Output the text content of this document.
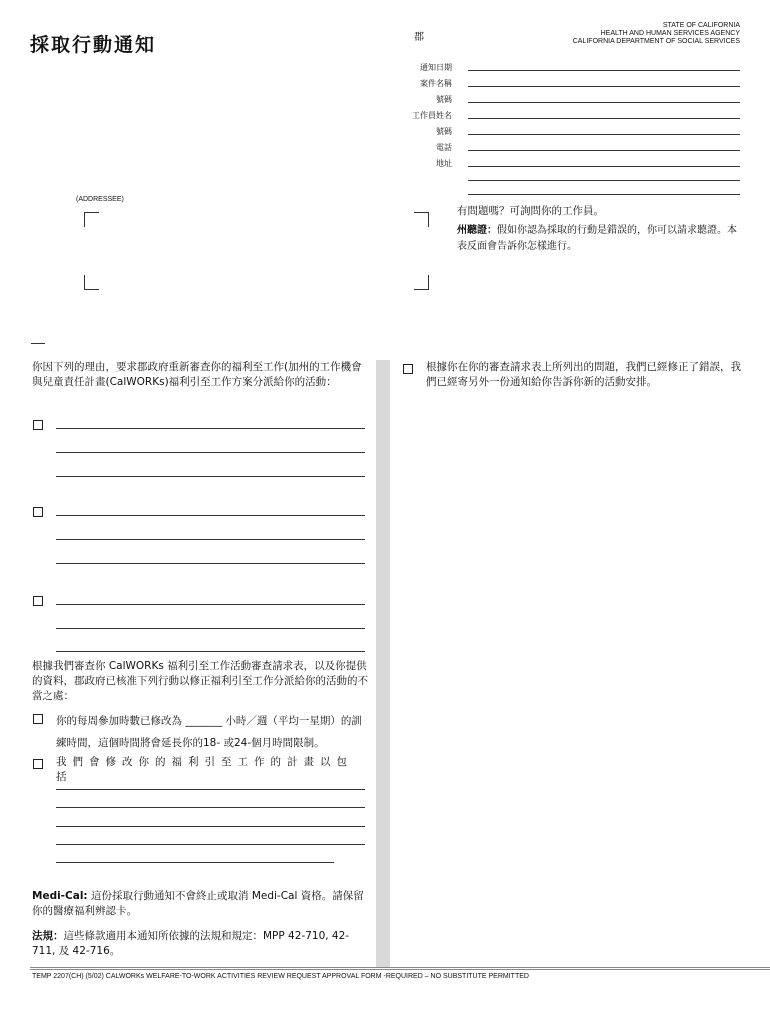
採取行動通知	郡
STATE OF CALIFORNIA
HEALTH AND HUMAN SERVICES AGENCY
CALIFORNIA DEPARTMENT OF SOCIAL SERVICES
通知日期
案件名稱
號碼
工作員姓名
號碼
電話
地址
(ADDRESSEE)
有問題嗎？可詢問你的工作員。
州聽證：假如你認為採取的行動是錯誤的，你可以請求聽證。本表反面會告訴你怎樣進行。
你因下列的理由，要求郡政府重新審查你的福利至工作(加州的工作機會與兒童責任計畫(CalWORKs)福利引至工作方案分派給你的活動：
根據我們審查你 CalWORKs 福利引至工作活動審查請求表，以及你提供的資料，郡政府已核准下列行動以修正福利引至工作分派給你的活動的不當之處：
你的每周參加時數已修改為 _______ 小時／週（平均一星期）的訓練時間，這個時間將會延長你的18- 或24-個月時間限制。
我們會修改你的福利引至工作的計畫以包括
Medi-Cal: 這份採取行動通知不會終止或取消 Medi-Cal 資格。請保留你的醫療福利辨認卡。
法規：這些條款適用本通知所依據的法規和規定：MPP 42-710, 42-711, 及 42-716。
根據你在你的審查請求表上所列出的問題，我們已經修正了錯誤，我們已經寄另外一份通知給你告訴你新的活動安排。
TEMP 2207(CH) (5/02) CALWORKs WELFARE-TO-WORK ACTIVITIES REVIEW REQUEST APPROVAL FORM -REQUIRED – NO SUBSTITUTE PERMITTED
